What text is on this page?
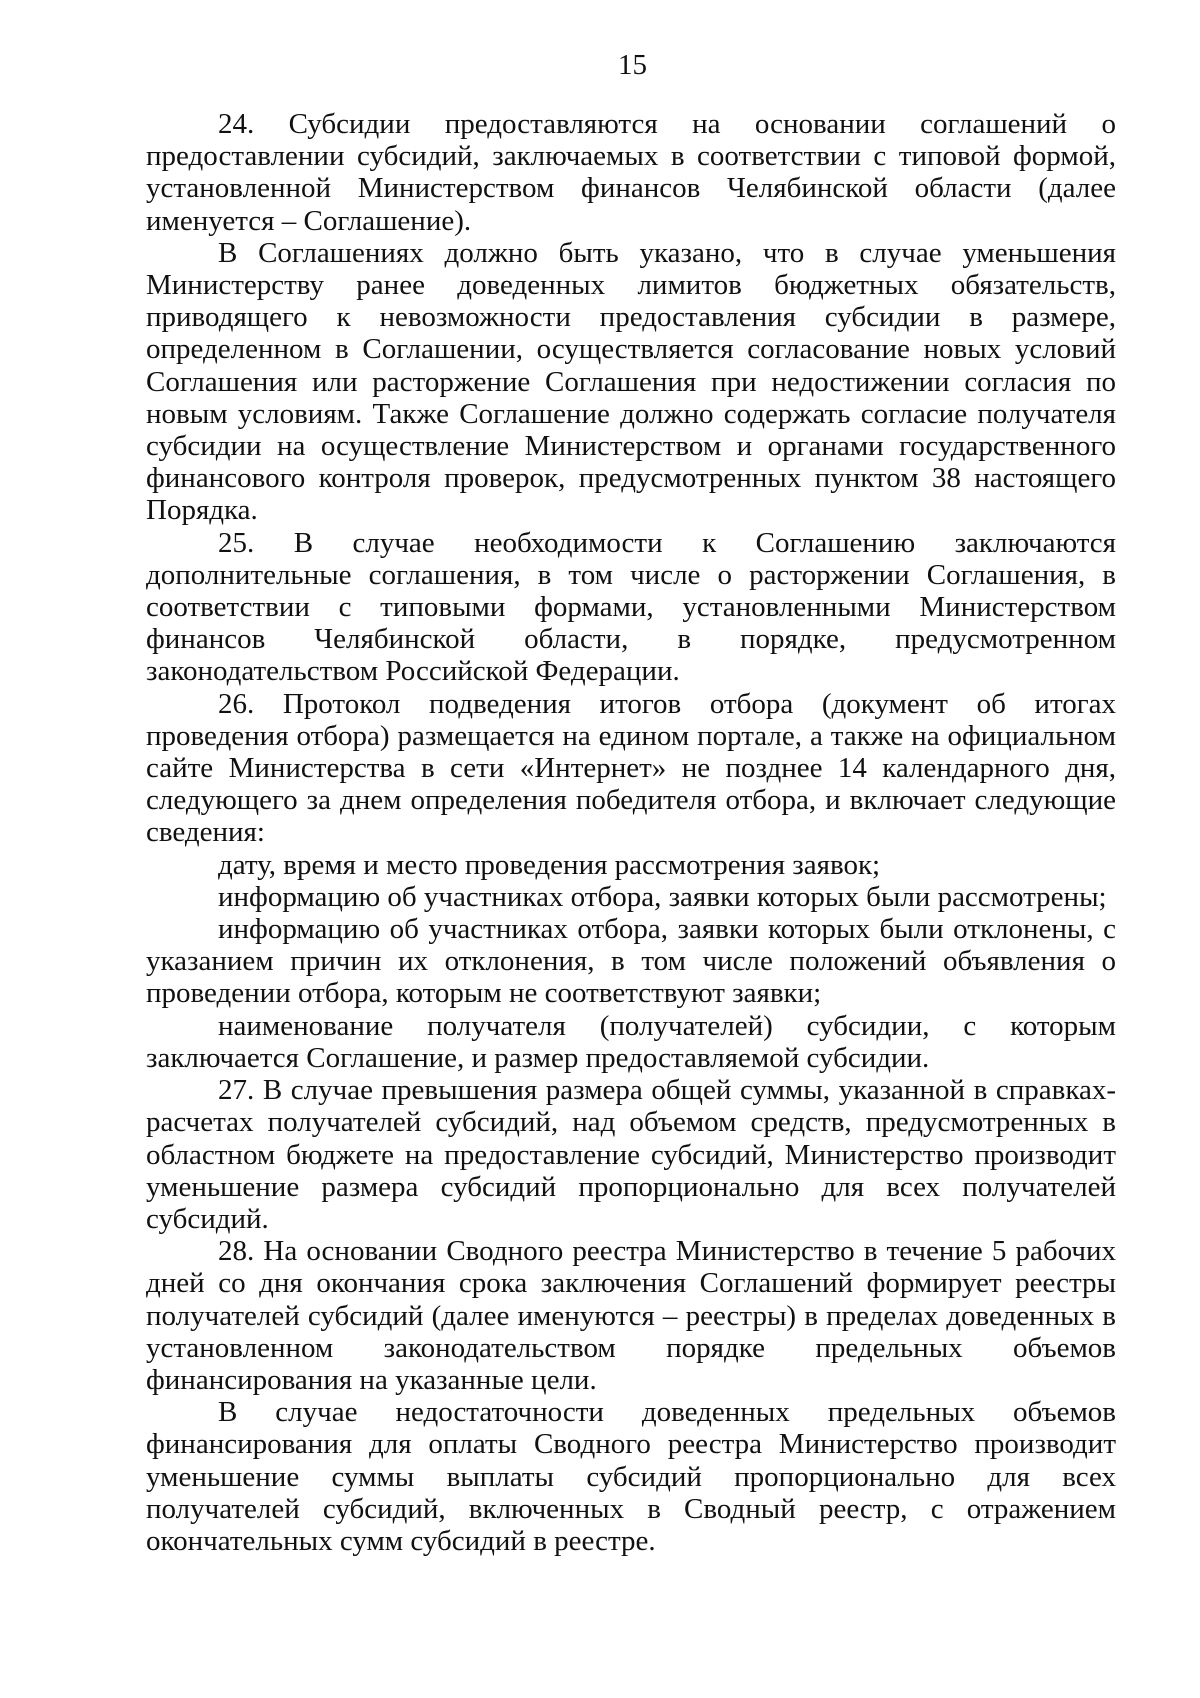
15

24. Субсидии предоставляются на основании соглашений о предоставлении субсидий, заключаемых в соответствии с типовой формой, установленной Министерством финансов Челябинской области (далее именуется – Соглашение).

В Соглашениях должно быть указано, что в случае уменьшения Министерству ранее доведенных лимитов бюджетных обязательств, приводящего к невозможности предоставления субсидии в размере, определенном в Соглашении, осуществляется согласование новых условий Соглашения или расторжение Соглашения при недостижении согласия по новым условиям. Также Соглашение должно содержать согласие получателя субсидии на осуществление Министерством и органами государственного финансового контроля проверок, предусмотренных пунктом 38 настоящего Порядка.

25. В случае необходимости к Соглашению заключаются дополнительные соглашения, в том числе о расторжении Соглашения, в соответствии с типовыми формами, установленными Министерством финансов Челябинской области, в порядке, предусмотренном законодательством Российской Федерации.

26. Протокол подведения итогов отбора (документ об итогах проведения отбора) размещается на едином портале, а также на официальном сайте Министерства в сети «Интернет» не позднее 14 календарного дня, следующего за днем определения победителя отбора, и включает следующие сведения:

дату, время и место проведения рассмотрения заявок;

информацию об участниках отбора, заявки которых были рассмотрены;

информацию об участниках отбора, заявки которых были отклонены, с указанием причин их отклонения, в том числе положений объявления о проведении отбора, которым не соответствуют заявки;

наименование получателя (получателей) субсидии, с которым заключается Соглашение, и размер предоставляемой субсидии.

27. В случае превышения размера общей суммы, указанной в справках-расчетах получателей субсидий, над объемом средств, предусмотренных в областном бюджете на предоставление субсидий, Министерство производит уменьшение размера субсидий пропорционально для всех получателей субсидий.

28. На основании Сводного реестра Министерство в течение 5 рабочих дней со дня окончания срока заключения Соглашений формирует реестры получателей субсидий (далее именуются – реестры) в пределах доведенных в установленном законодательством порядке предельных объемов финансирования на указанные цели.

В случае недостаточности доведенных предельных объемов финансирования для оплаты Сводного реестра Министерство производит уменьшение суммы выплаты субсидий пропорционально для всех получателей субсидий, включенных в Сводный реестр, с отражением окончательных сумм субсидий в реестре.
